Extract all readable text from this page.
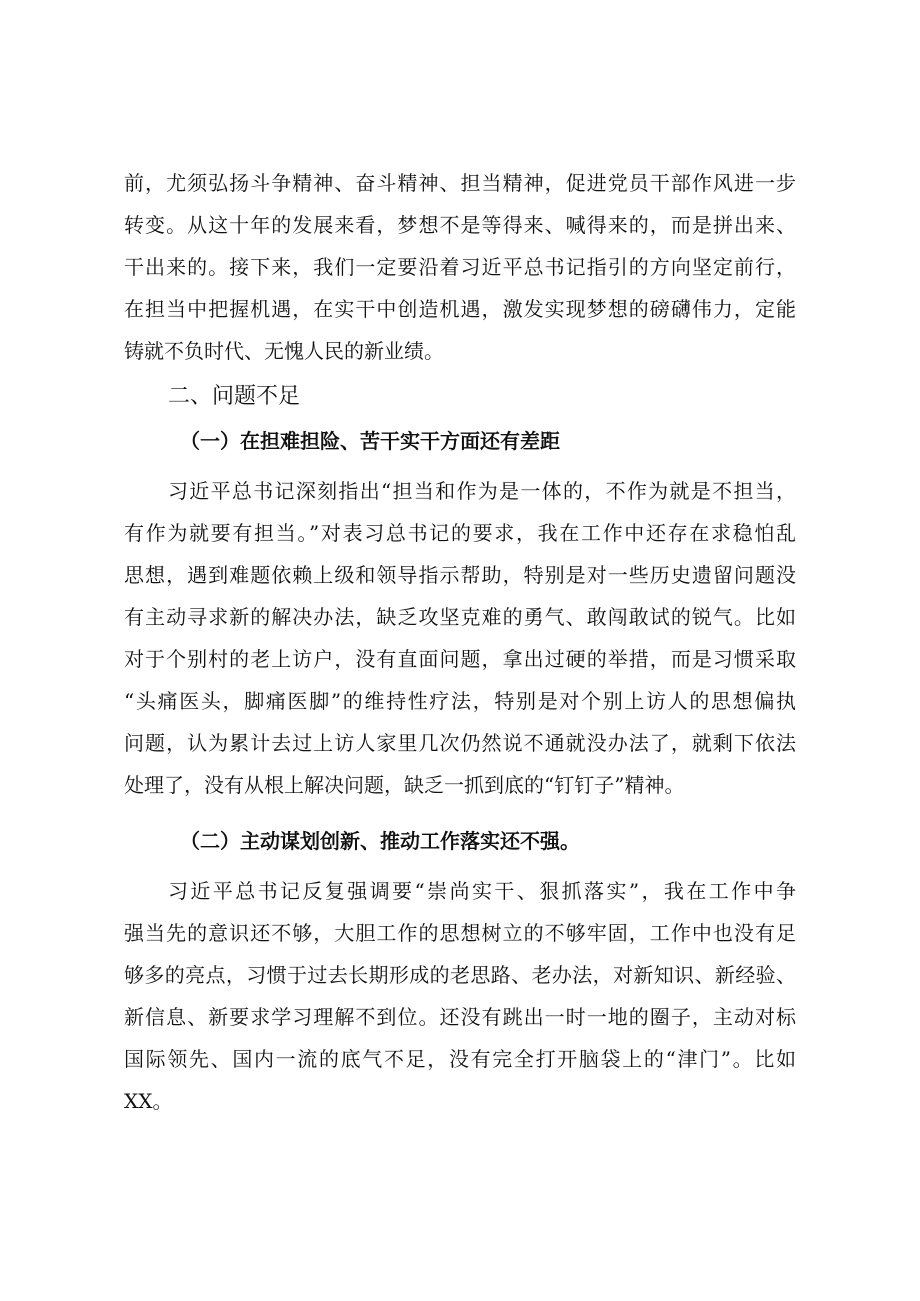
前，尤须弘扬斗争精神、奋斗精神、担当精神，促进党员干部作风进一步
转变。从这十年的发展来看，梦想不是等得来、喊得来的，而是拼出来、
干出来的。接下来，我们一定要沿着习近平总书记指引的方向坚定前行，
在担当中把握机遇，在实干中创造机遇，激发实现梦想的磅礴伟力，定能
铸就不负时代、无愧人民的新业绩。
二、问题不足
（一）在担难担险、苦干实干方面还有差距
习近平总书记深刻指出“担当和作为是一体的，不作为就是不担当，
有作为就要有担当。”对表习总书记的要求，我在工作中还存在求稳怕乱
思想，遇到难题依赖上级和领导指示帮助，特别是对一些历史遗留问题没
有主动寻求新的解决办法，缺乏攻坚克难的勇气、敢闯敢试的锐气。比如
对于个别村的老上访户，没有直面问题，拿出过硬的举措，而是习惯采取
“头痛医头，脚痛医脚”的维持性疗法，特别是对个别上访人的思想偏执
问题，认为累计去过上访人家里几次仍然说不通就没办法了，就剩下依法
处理了，没有从根上解决问题，缺乏一抓到底的“钉钉子”精神。
（二）主动谋划创新、推动工作落实还不强。
习近平总书记反复强调要“崇尚实干、狠抓落实”，我在工作中争
强当先的意识还不够，大胆工作的思想树立的不够牢固，工作中也没有足
够多的亮点，习惯于过去长期形成的老思路、老办法，对新知识、新经验、
新信息、新要求学习理解不到位。还没有跳出一时一地的圈子，主动对标
国际领先、国内一流的底气不足，没有完全打开脑袋上的“津门”。比如
XX。
